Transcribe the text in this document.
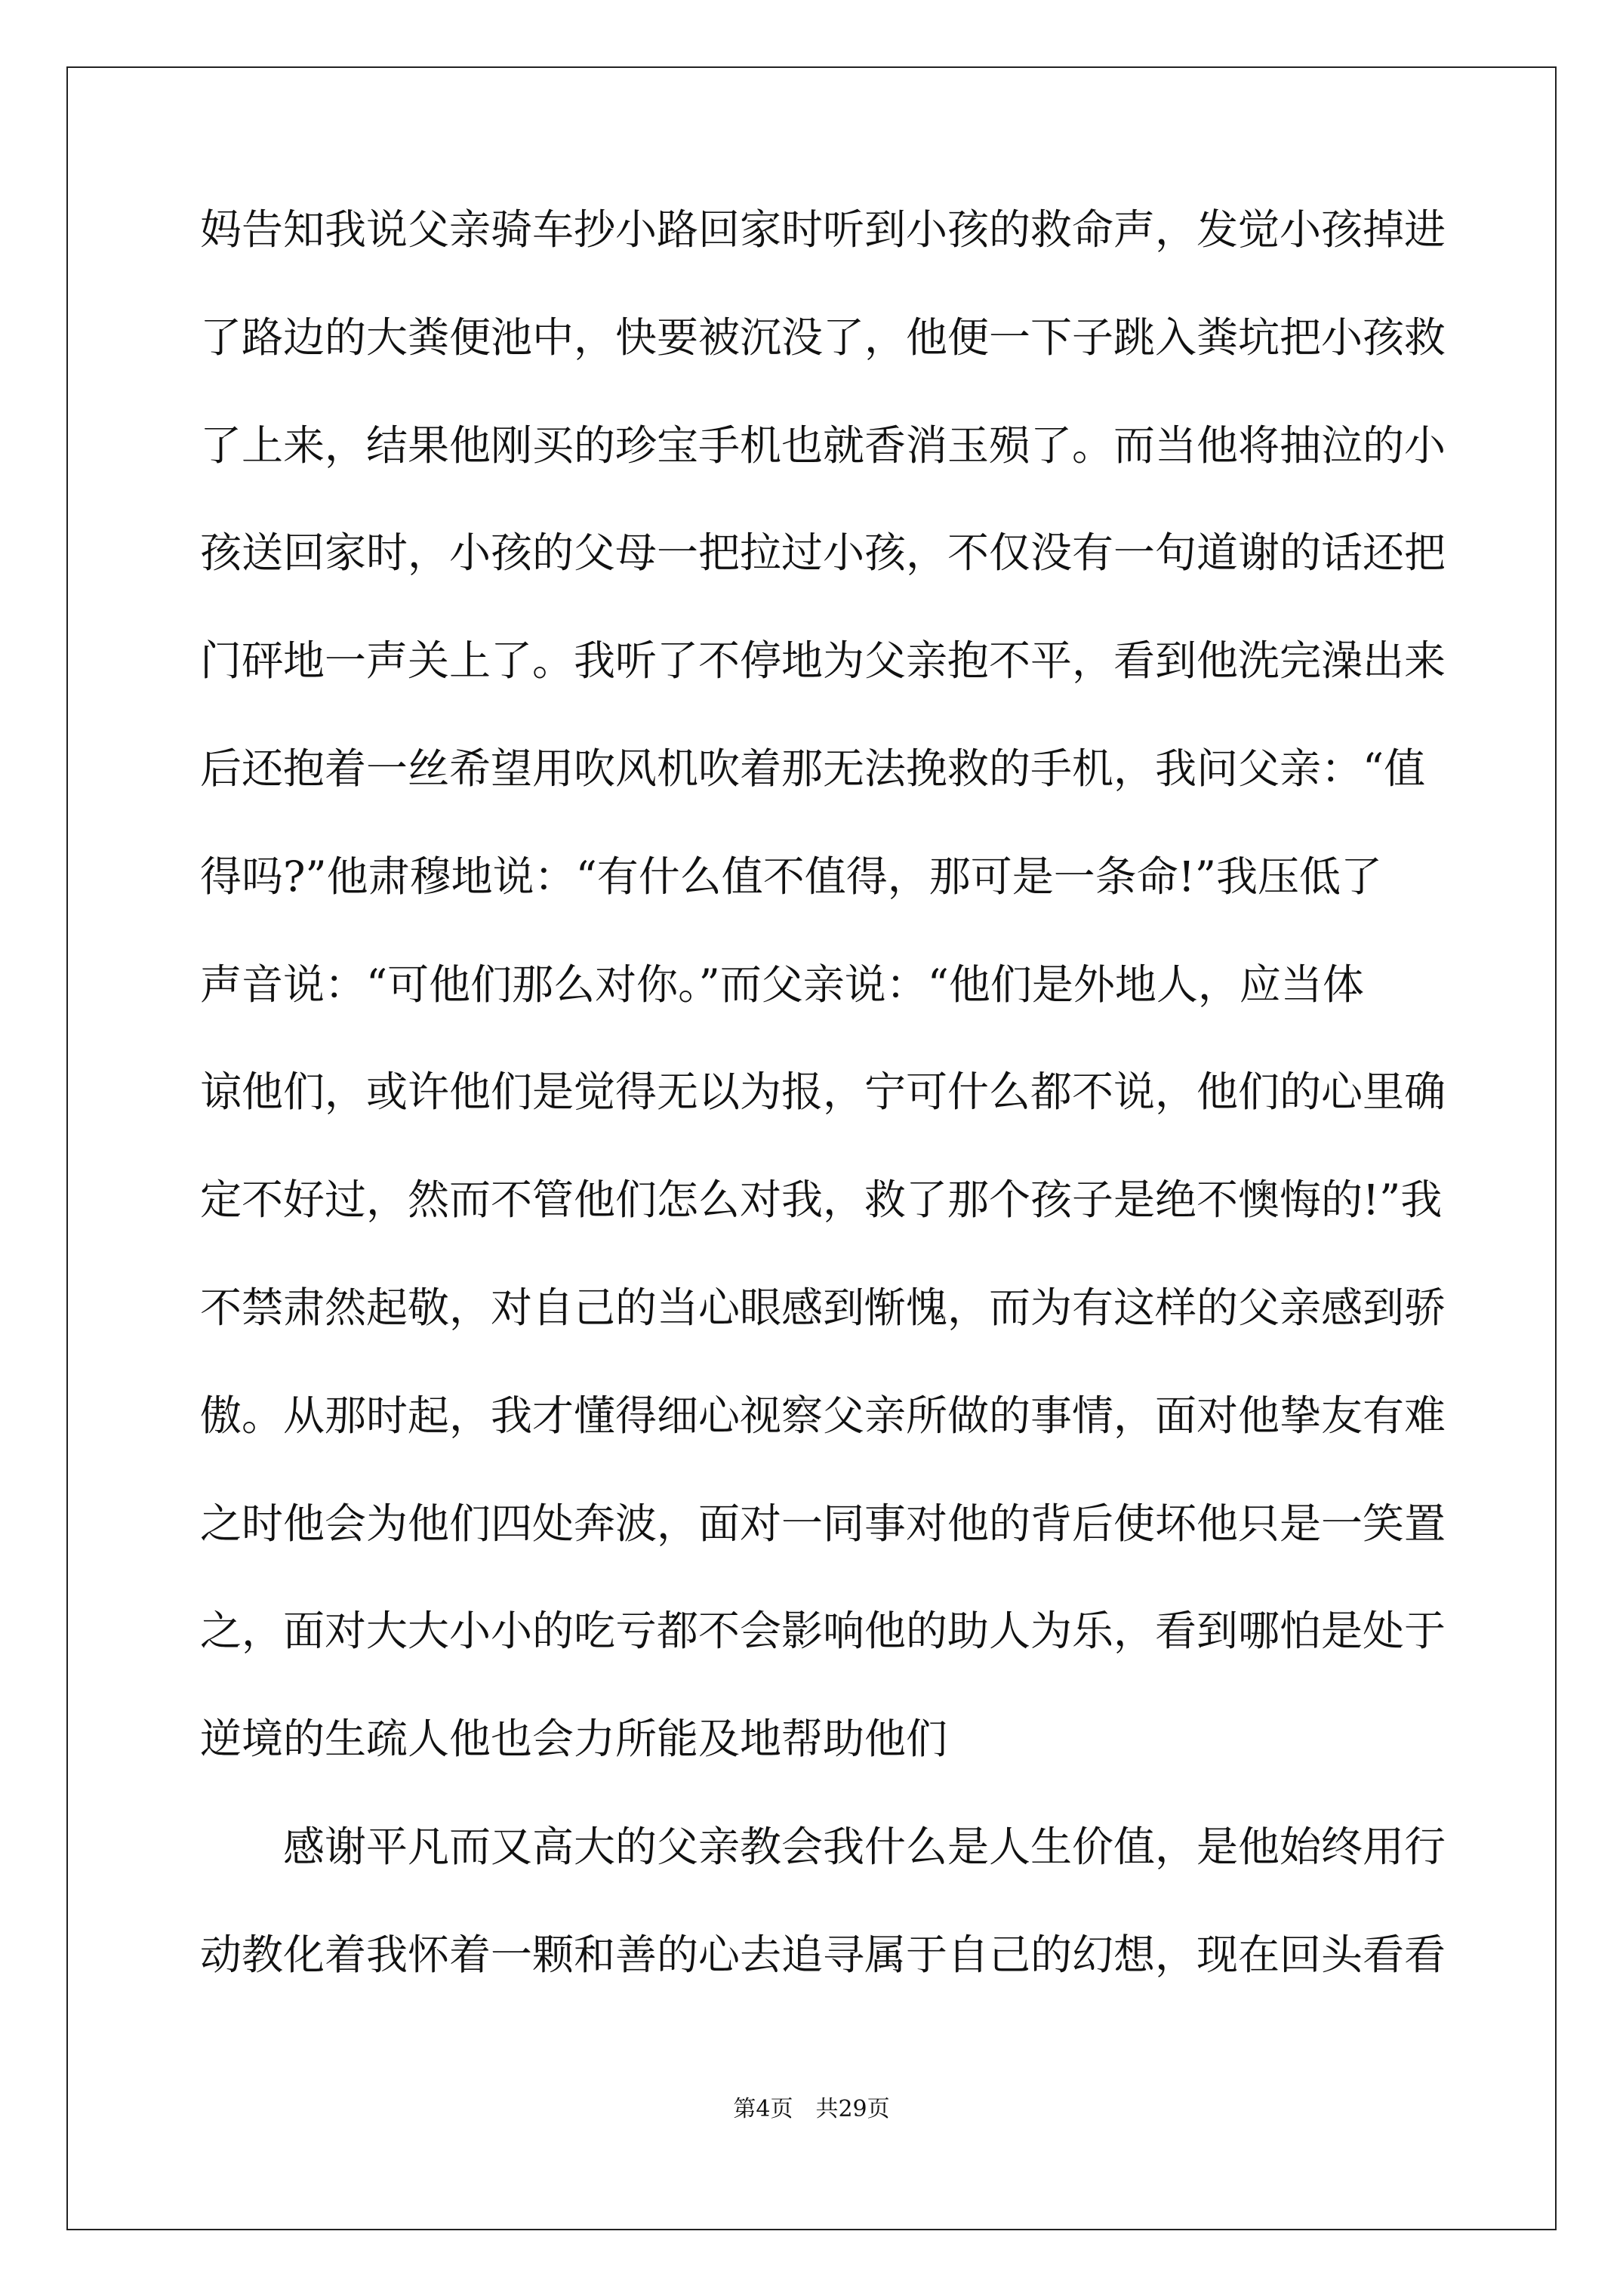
妈告知我说父亲骑车抄小路回家时听到小孩的救命声，发觉小孩掉进
了路边的大粪便池中，快要被沉没了，他便一下子跳入粪坑把小孩救
了上来，结果他刚买的珍宝手机也就香消玉殒了。而当他将抽泣的小
孩送回家时，小孩的父母一把拉过小孩，不仅没有一句道谢的话还把
门砰地一声关上了。我听了不停地为父亲抱不平，看到他洗完澡出来
后还抱着一丝希望用吹风机吹着那无法挽救的手机，我问父亲：“值
得吗?”他肃穆地说：“有什么值不值得，那可是一条命!”我压低了
声音说：“可他们那么对你。”而父亲说：“他们是外地人，应当体
谅他们，或许他们是觉得无以为报，宁可什么都不说，他们的心里确
定不好过，然而不管他们怎么对我，救了那个孩子是绝不懊悔的!”我
不禁肃然起敬，对自己的当心眼感到惭愧，而为有这样的父亲感到骄
傲。从那时起，我才懂得细心视察父亲所做的事情，面对他挚友有难
之时他会为他们四处奔波，面对一同事对他的背后使坏他只是一笑置
之，面对大大小小的吃亏都不会影响他的助人为乐，看到哪怕是处于
逆境的生疏人他也会力所能及地帮助他们
　　感谢平凡而又高大的父亲教会我什么是人生价值，是他始终用行
动教化着我怀着一颗和善的心去追寻属于自己的幻想，现在回头看看
第4页　共29页
